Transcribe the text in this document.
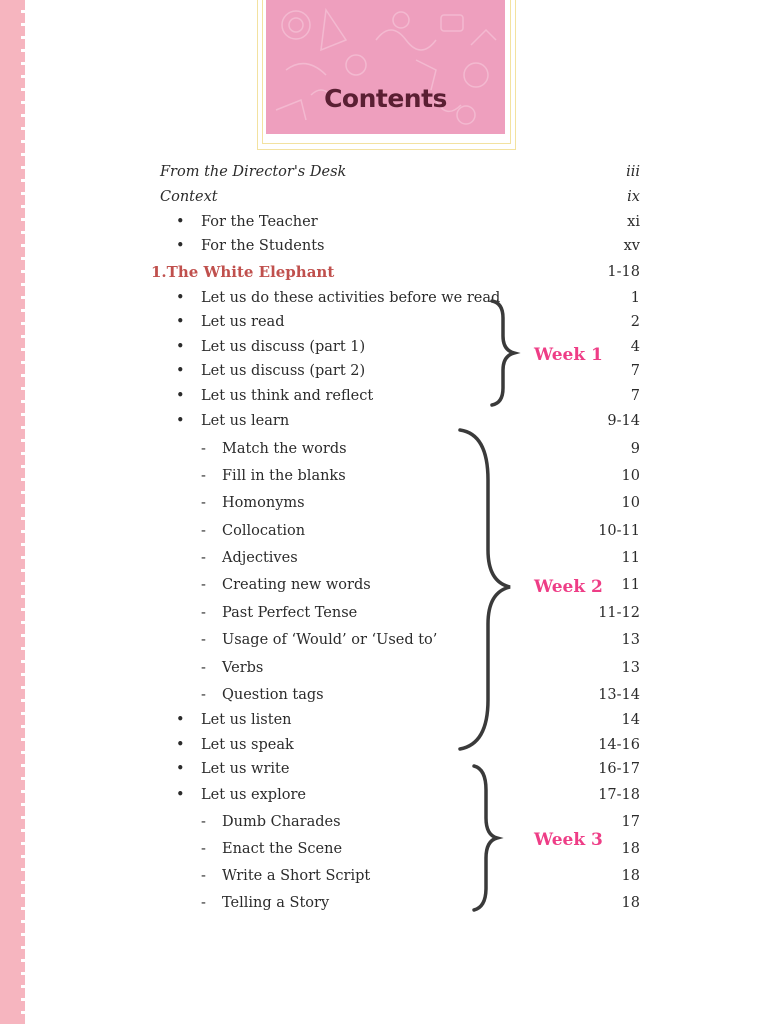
Contents
From the Director's Desk	iii
Context	ix
• For the Teacher	xi
• For the Students	xv
1.The White Elephant	1-18
• Let us do these activities before we read	1
• Let us read	2
• Let us discuss (part 1)	4
• Let us discuss (part 2)	7
• Let us think and reflect	7
• Let us learn	9-14
- Match the words	9
- Fill in the blanks	10
- Homonyms	10
- Collocation	10-11
- Adjectives	11
- Creating new words	11
- Past Perfect Tense	11-12
- Usage of ‘Would’ or ‘Used to’	13
- Verbs	13
- Question tags	13-14
• Let us listen	14
• Let us speak	14-16
• Let us write	16-17
• Let us explore	17-18
- Dumb Charades	17
- Enact the Scene	18
- Write a Short Script	18
- Telling a Story	18
Week 1
Week 2
Week 3
